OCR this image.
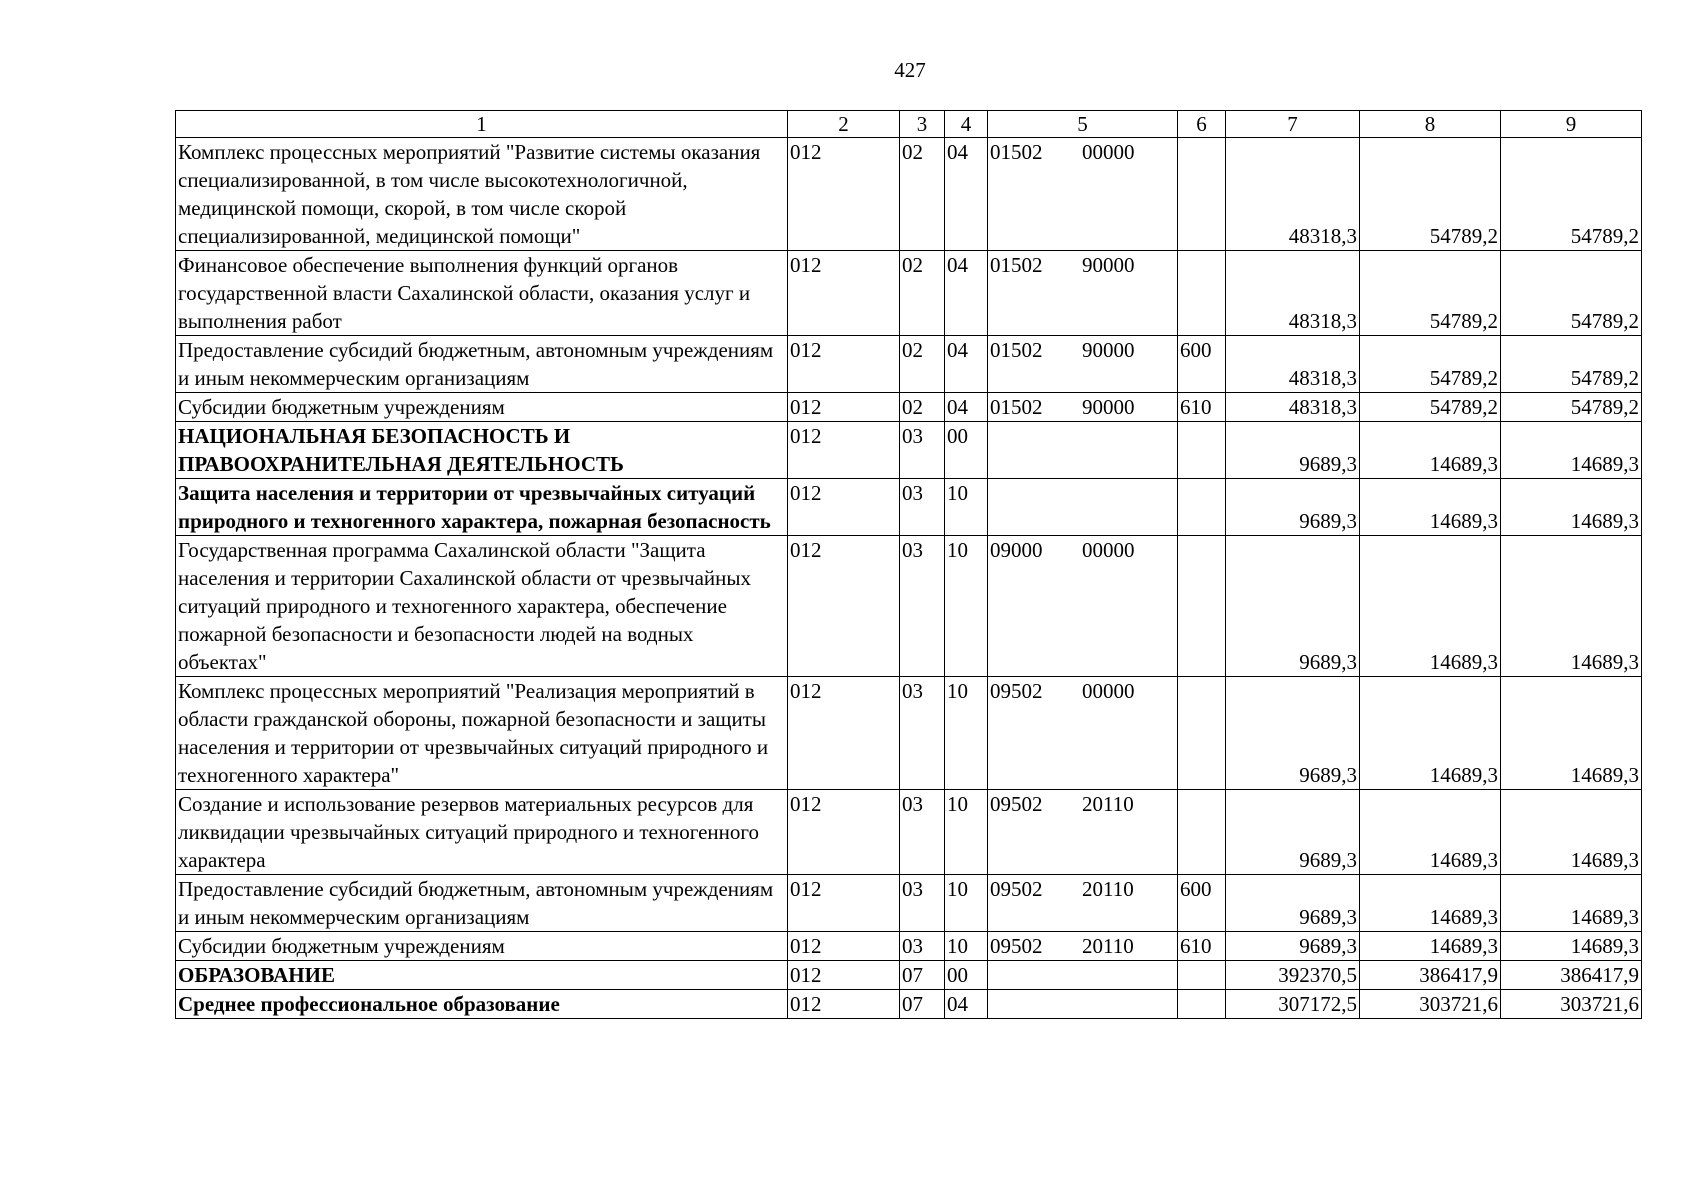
427
1	2	3	4	5	6	7	8	9
Комплекс процессных мероприятий "Развитие системы оказания специализированной, в том числе высокотехнологичной, медицинской помощи, скорой, в том числе скорой специализированной, медицинской помощи"	012	02	04	01502 00000		48318,3	54789,2	54789,2
Финансовое обеспечение выполнения функций органов государственной власти Сахалинской области, оказания услуг и выполнения работ	012	02	04	01502 90000		48318,3	54789,2	54789,2
Предоставление субсидий бюджетным, автономным учреждениям и иным некоммерческим организациям	012	02	04	01502 90000	600	48318,3	54789,2	54789,2
Субсидии бюджетным учреждениям	012	02	04	01502 90000	610	48318,3	54789,2	54789,2
НАЦИОНАЛЬНАЯ БЕЗОПАСНОСТЬ И ПРАВООХРАНИТЕЛЬНАЯ ДЕЯТЕЛЬНОСТЬ	012	03	00			9689,3	14689,3	14689,3
Защита населения и территории от чрезвычайных ситуаций природного и техногенного характера, пожарная безопасность	012	03	10			9689,3	14689,3	14689,3
Государственная программа Сахалинской области "Защита населения и территории Сахалинской области от чрезвычайных ситуаций природного и техногенного характера, обеспечение пожарной безопасности и безопасности людей на водных объектах"	012	03	10	09000 00000		9689,3	14689,3	14689,3
Комплекс процессных мероприятий "Реализация мероприятий в области гражданской обороны, пожарной безопасности и защиты населения и территории от чрезвычайных ситуаций природного и техногенного характера"	012	03	10	09502 00000		9689,3	14689,3	14689,3
Создание и использование резервов материальных ресурсов для ликвидации чрезвычайных ситуаций природного и техногенного характера	012	03	10	09502 20110		9689,3	14689,3	14689,3
Предоставление субсидий бюджетным, автономным учреждениям и иным некоммерческим организациям	012	03	10	09502 20110	600	9689,3	14689,3	14689,3
Субсидии бюджетным учреждениям	012	03	10	09502 20110	610	9689,3	14689,3	14689,3
ОБРАЗОВАНИЕ	012	07	00			392370,5	386417,9	386417,9
Среднее профессиональное образование	012	07	04			307172,5	303721,6	303721,6
